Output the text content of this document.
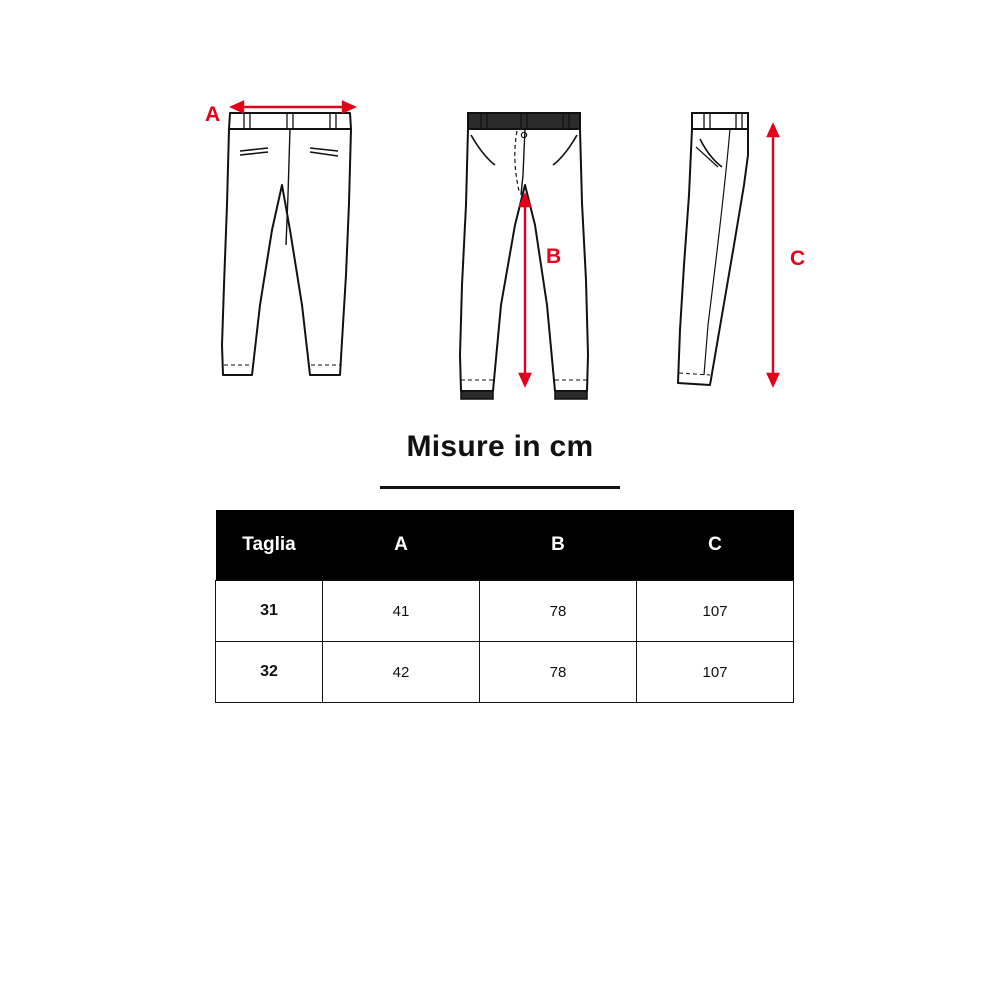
A
B	C
Misure in cm
Taglia	A	B	C
31	41	78	107
32	42	78	107
